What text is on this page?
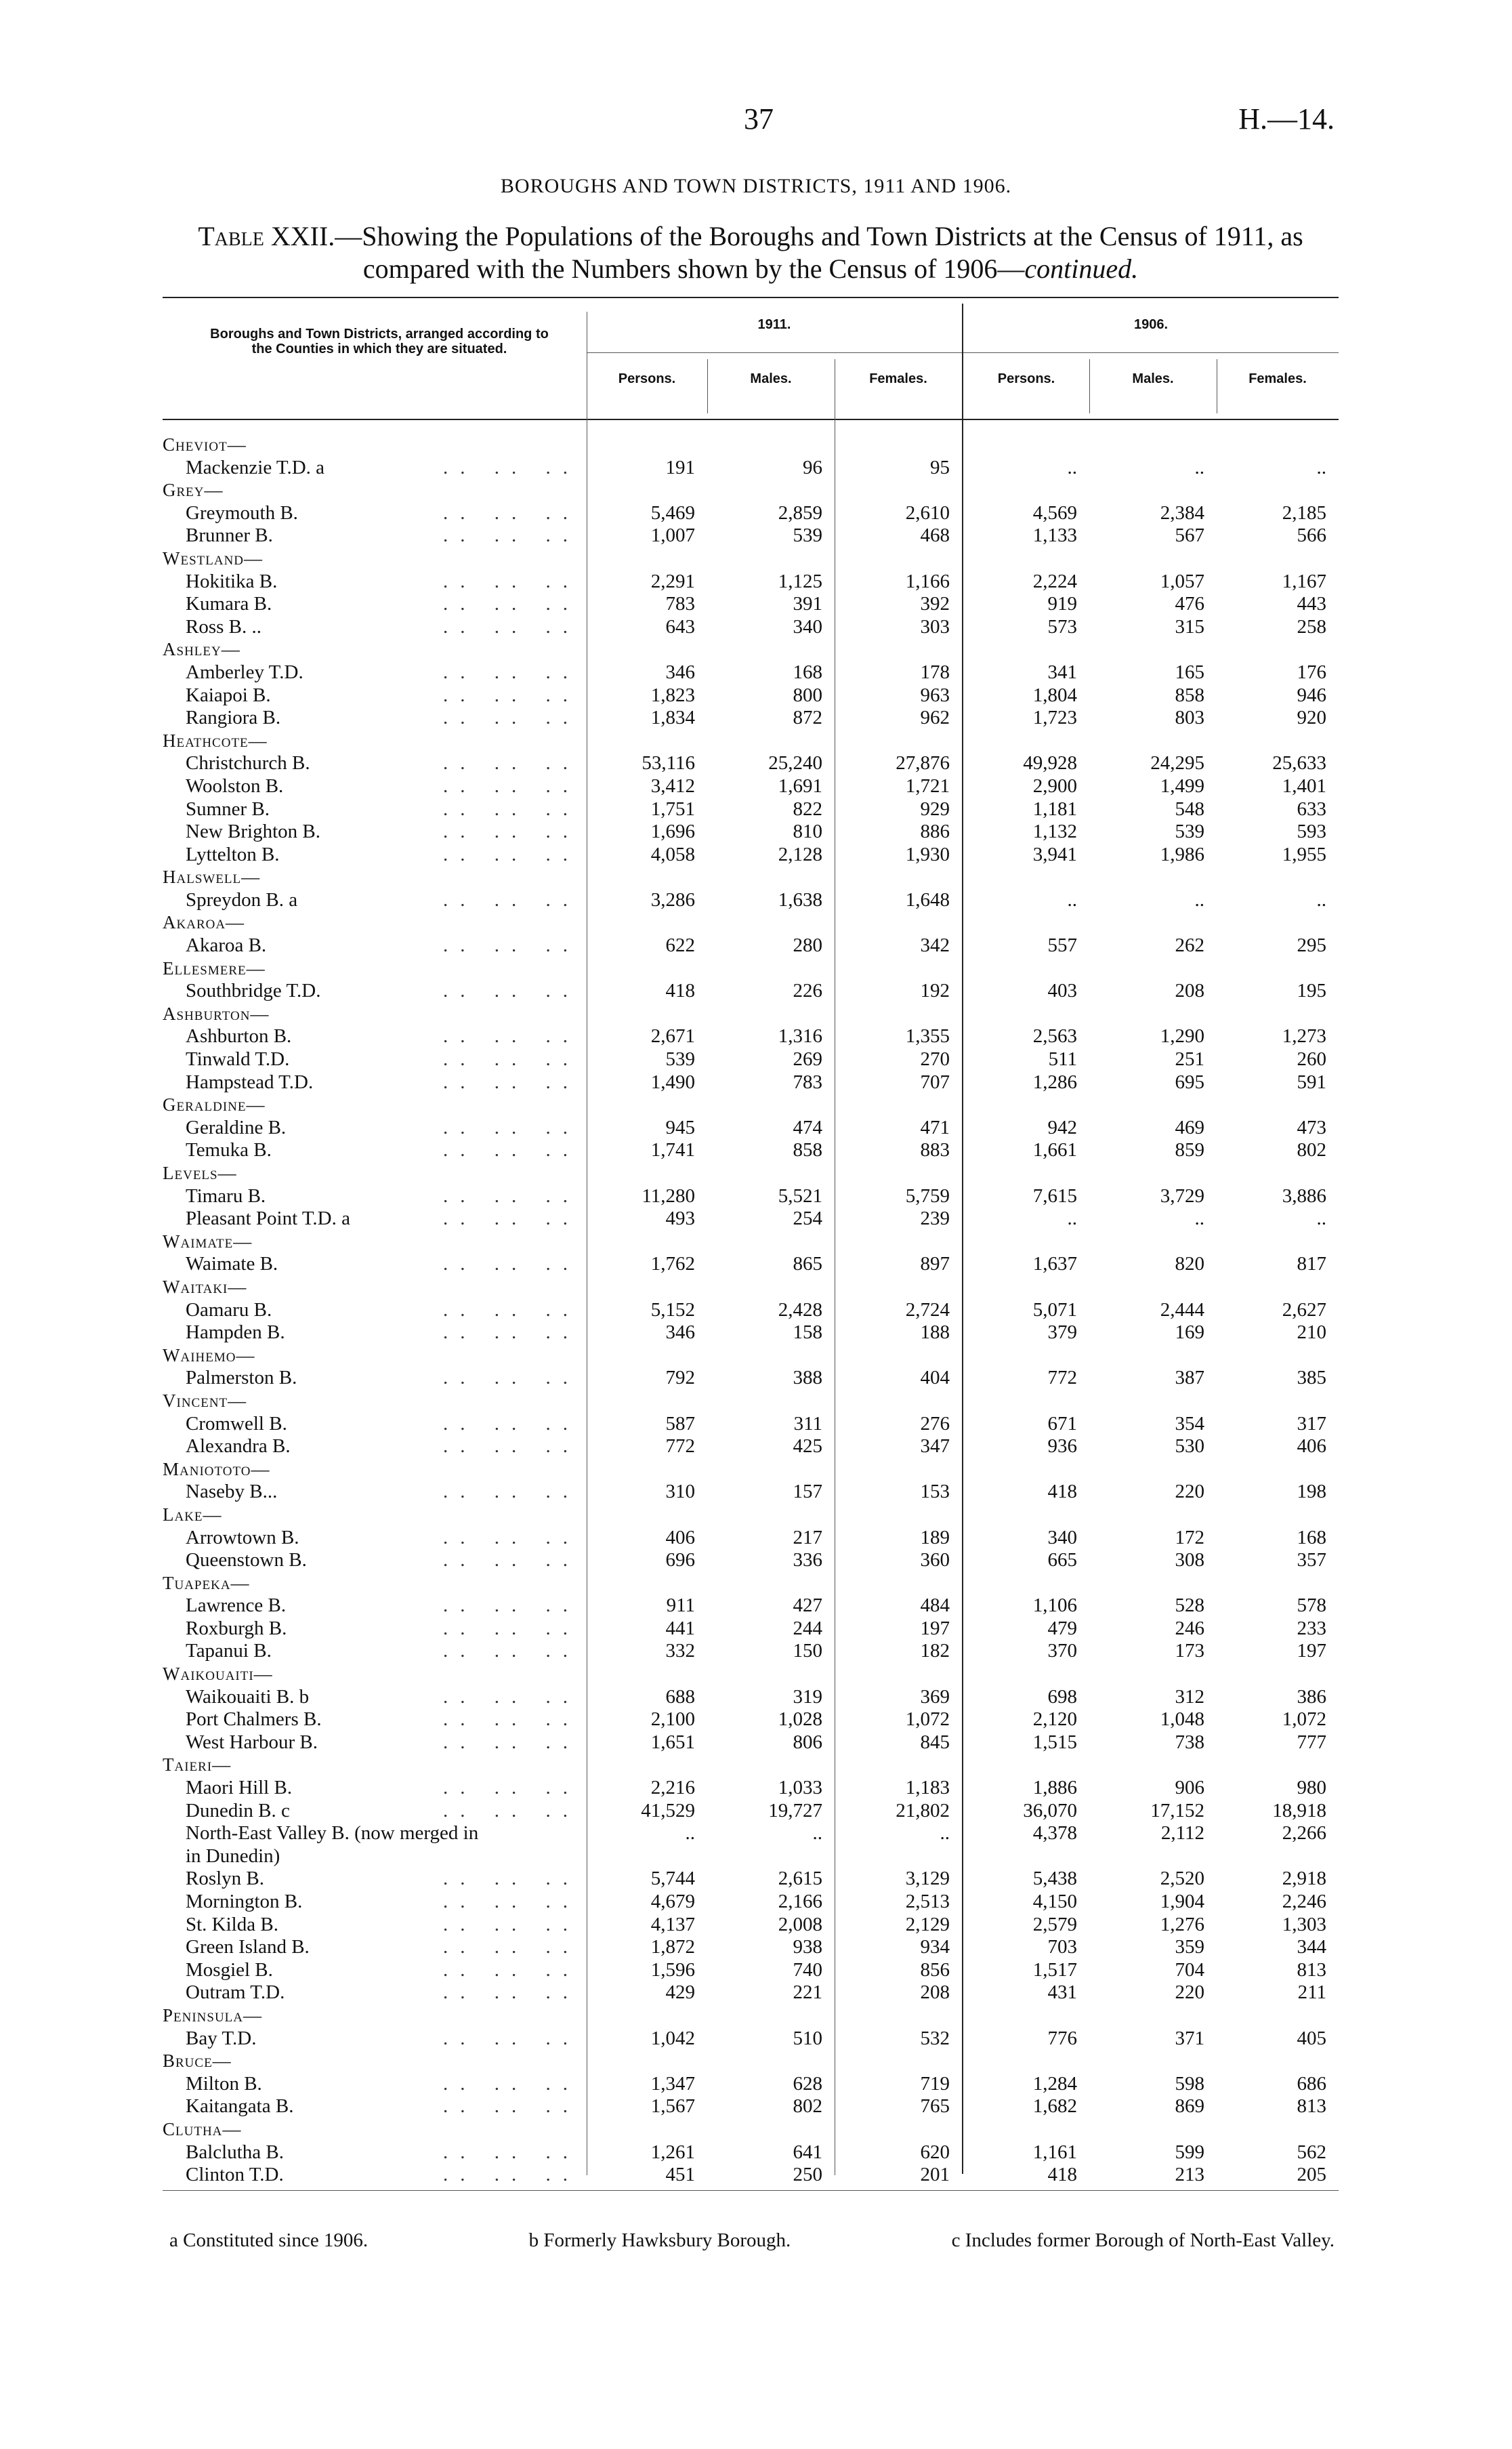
37	H.—14.
BOROUGHS AND TOWN DISTRICTS, 1911 AND 1906.
Table XXII.—Showing the Populations of the Boroughs and Town Districts at the Census of 1911, as compared with the Numbers shown by the Census of 1906—continued.
Boroughs and Town Districts, arranged according to the Counties in which they are situated.
1911.	1906.
Persons.	Males.	Females.	Persons.	Males.	Females.
Cheviot—						
Mackenzie T.D. a .. .. ..	191	96	95	..	..	..
Grey—						
Greymouth B. .. .. ..	5,469	2,859	2,610	4,569	2,384	2,185
Brunner B. .. .. ..	1,007	539	468	1,133	567	566
Westland—						
Hokitika B. .. .. ..	2,291	1,125	1,166	2,224	1,057	1,167
Kumara B. .. .. ..	783	391	392	919	476	443
Ross B. .. .. .. ..	643	340	303	573	315	258
Ashley—						
Amberley T.D. .. .. ..	346	168	178	341	165	176
Kaiapoi B. .. .. ..	1,823	800	963	1,804	858	946
Rangiora B. .. .. ..	1,834	872	962	1,723	803	920
Heathcote—						
Christchurch B. .. .. ..	53,116	25,240	27,876	49,928	24,295	25,633
Woolston B. .. .. ..	3,412	1,691	1,721	2,900	1,499	1,401
Sumner B. .. .. ..	1,751	822	929	1,181	548	633
New Brighton B. .. .. ..	1,696	810	886	1,132	539	593
Lyttelton B. .. .. ..	4,058	2,128	1,930	3,941	1,986	1,955
Halswell—						
Spreydon B. a .. .. ..	3,286	1,638	1,648	..	..	..
Akaroa—						
Akaroa B. .. .. ..	622	280	342	557	262	295
Ellesmere—						
Southbridge T.D. .. .. ..	418	226	192	403	208	195
Ashburton—						
Ashburton B. .. .. ..	2,671	1,316	1,355	2,563	1,290	1,273
Tinwald T.D. .. .. ..	539	269	270	511	251	260
Hampstead T.D. .. .. ..	1,490	783	707	1,286	695	591
Geraldine—						
Geraldine B. .. .. ..	945	474	471	942	469	473
Temuka B. .. .. ..	1,741	858	883	1,661	859	802
Levels—						
Timaru B. .. .. ..	11,280	5,521	5,759	7,615	3,729	3,886
Pleasant Point T.D. a .. .. ..	493	254	239	..	..	..
Waimate—						
Waimate B. .. .. ..	1,762	865	897	1,637	820	817
Waitaki—						
Oamaru B. .. .. ..	5,152	2,428	2,724	5,071	2,444	2,627
Hampden B. .. .. ..	346	158	188	379	169	210
Waihemo—						
Palmerston B. .. .. ..	792	388	404	772	387	385
Vincent—						
Cromwell B. .. .. ..	587	311	276	671	354	317
Alexandra B. .. .. ..	772	425	347	936	530	406
Maniototo—						
Naseby B... .. .. ..	310	157	153	418	220	198
Lake—						
Arrowtown B. .. .. ..	406	217	189	340	172	168
Queenstown B. .. .. ..	696	336	360	665	308	357
Tuapeka—						
Lawrence B. .. .. ..	911	427	484	1,106	528	578
Roxburgh B. .. .. ..	441	244	197	479	246	233
Tapanui B. .. .. ..	332	150	182	370	173	197
Waikouaiti—						
Waikouaiti B. b .. .. ..	688	319	369	698	312	386
Port Chalmers B. .. .. ..	2,100	1,028	1,072	2,120	1,048	1,072
West Harbour B. .. .. ..	1,651	806	845	1,515	738	777
Taieri—						
Maori Hill B. .. .. ..	2,216	1,033	1,183	1,886	906	980
Dunedin B. c .. .. ..	41,529	19,727	21,802	36,070	17,152	18,918
North-East Valley B. (now merged in	..	..	..	4,378	2,112	2,266
in Dunedin)						
Roslyn B. .. .. ..	5,744	2,615	3,129	5,438	2,520	2,918
Mornington B. .. .. ..	4,679	2,166	2,513	4,150	1,904	2,246
St. Kilda B. .. .. ..	4,137	2,008	2,129	2,579	1,276	1,303
Green Island B. .. .. ..	1,872	938	934	703	359	344
Mosgiel B. .. .. ..	1,596	740	856	1,517	704	813
Outram T.D. .. .. ..	429	221	208	431	220	211
Peninsula—						
Bay T.D. .. .. ..	1,042	510	532	776	371	405
Bruce—						
Milton B. .. .. ..	1,347	628	719	1,284	598	686
Kaitangata B. .. .. ..	1,567	802	765	1,682	869	813
Clutha—						
Balclutha B. .. .. ..	1,261	641	620	1,161	599	562
Clinton T.D. .. .. ..	451	250	201	418	213	205
a Constituted since 1906.	b Formerly Hawksbury Borough.	c Includes former Borough of North-East Valley.
